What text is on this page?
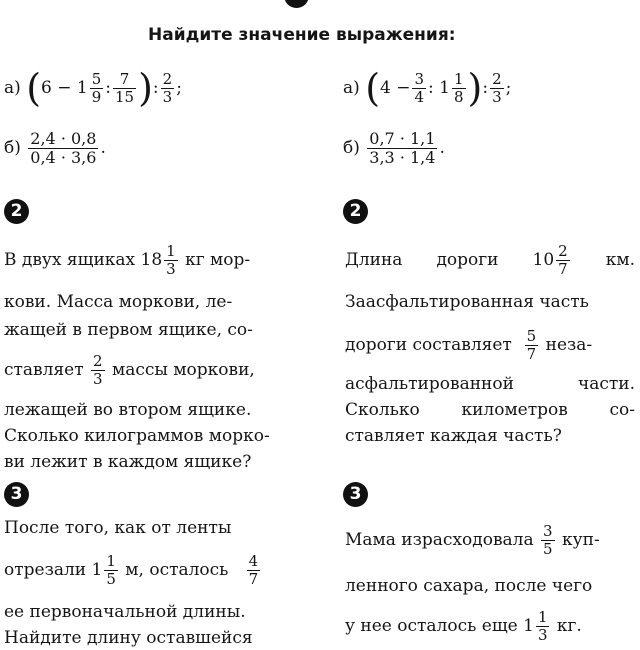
Найдите значение выражения:
а)
( $6 - 1 \frac{5}{9}$ : $\frac{7}{15}$ ) : $\frac{2}{3}$ ;
б)
$\frac{2,4 \cdot 0,8}{0,4 \cdot 3,6}$ .
2
В двух ящиках $18 \frac{1}{3}$
кг мор-
кови. Масса моркови, ле-
жащей в первом ящике, со-
ставляет
$\frac{2}{3}$
массы моркови,
лежащей во втором ящике.
Сколько килограммов морко-
ви лежит в каждом ящике?
3
После того, как от ленты
отрезали $1 \frac{1}{5}$
м, осталось
$\frac{4}{7}$
ее первоначальной длины.
Найдите длину оставшейся
а)
( $4 - \frac{3}{4}$ : $1 \frac{1}{8}$ ) : $\frac{2}{3}$ ;
б)
$\frac{0,7 \cdot 1,1}{3,3 \cdot 1,4}$ .
2
Длина дороги $10 \frac{2}{7}$ км.
Заасфальтированная часть
дороги составляет
$\frac{5}{7}$
неза-
асфальтированной	части.
Сколько километров со-
ставляет каждая часть?
3
Мама израсходовала
$\frac{3}{5}$
куп-
ленного сахара, после чего
у нее осталось еще
$1 \frac{1}{3}$
кг.
